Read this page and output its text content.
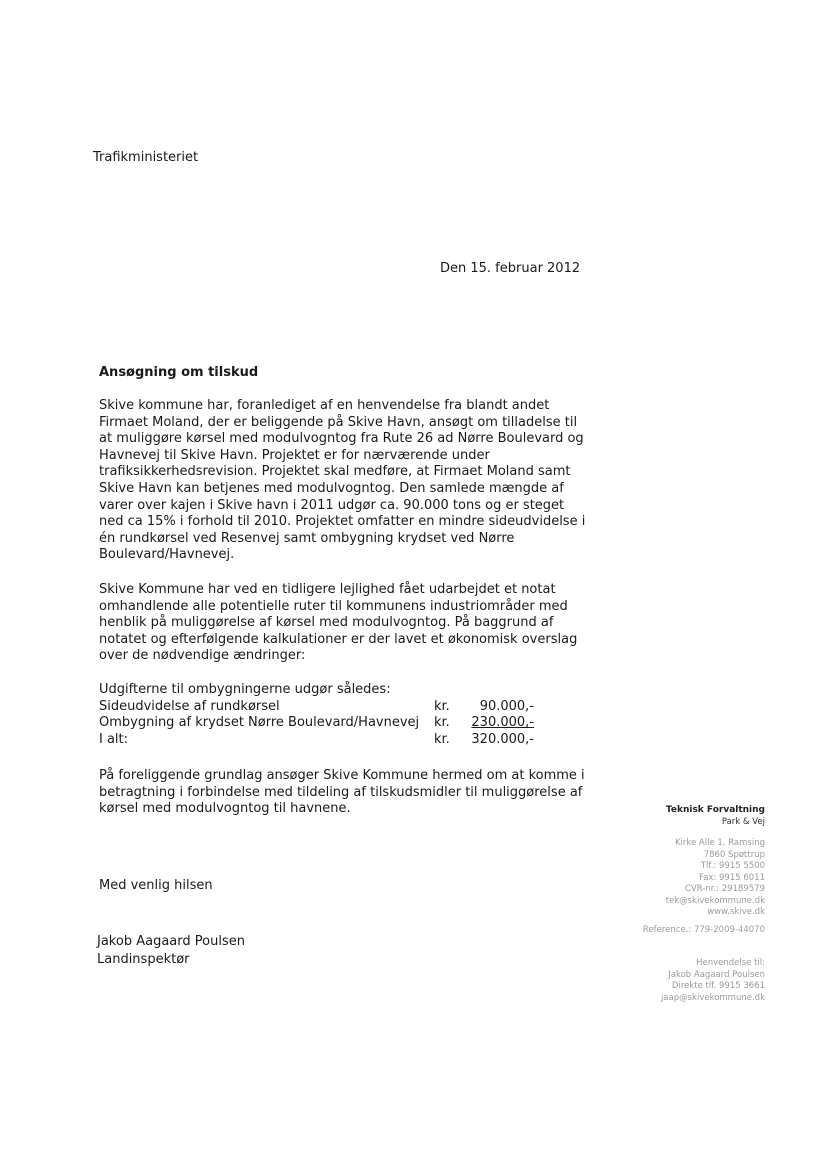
Trafikministeriet
Den 15. februar 2012
Ansøgning om tilskud

Skive kommune har, foranlediget af en henvendelse fra blandt andet
Firmaet Moland, der er beliggende på Skive Havn, ansøgt om tilladelse til
at muliggøre kørsel med modulvogntog fra Rute 26 ad Nørre Boulevard og
Havnevej til Skive Havn. Projektet er for nærværende under
trafiksikkerhedsrevision. Projektet skal medføre, at Firmaet Moland samt
Skive Havn kan betjenes med modulvogntog. Den samlede mængde af
varer over kajen i Skive havn i 2011 udgør ca. 90.000 tons og er steget
ned ca 15% i forhold til 2010. Projektet omfatter en mindre sideudvidelse i
én rundkørsel ved Resenvej samt ombygning krydset ved Nørre
Boulevard/Havnevej.

Skive Kommune har ved en tidligere lejlighed fået udarbejdet et notat
omhandlende alle potentielle ruter til kommunens industriområder med
henblik på muliggørelse af kørsel med modulvogntog. På baggrund af
notatet og efterfølgende kalkulationer er der lavet et økonomisk overslag
over de nødvendige ændringer:

Udgifterne til ombygningerne udgør således:
Sideudvidelse af rundkørsel	kr. 90.000,-
Ombygning af krydset Nørre Boulevard/Havnevej kr. 230.000,-
I alt:	kr. 320.000,-

På foreliggende grundlag ansøger Skive Kommune hermed om at komme i
betragtning i forbindelse med tildeling af tilskudsmidler til muliggørelse af
kørsel med modulvogntog til havnene.

Med venlig hilsen
Jakob Aagaard Poulsen
Landinspektør
Teknisk Forvaltning
Park & Vej
Kirke Alle 1, Ramsing
7860 Spøttrup
Tlf.: 9915 5500
Fax: 9915 6011
CVR-nr.: 29189579
tek@skivekommune.dk
www.skive.dk
Reference.: 779-2009-44070
Henvendelse til:
Jakob Aagaard Poulsen
Direkte tlf. 9915 3661
jaap@skivekommune.dk
